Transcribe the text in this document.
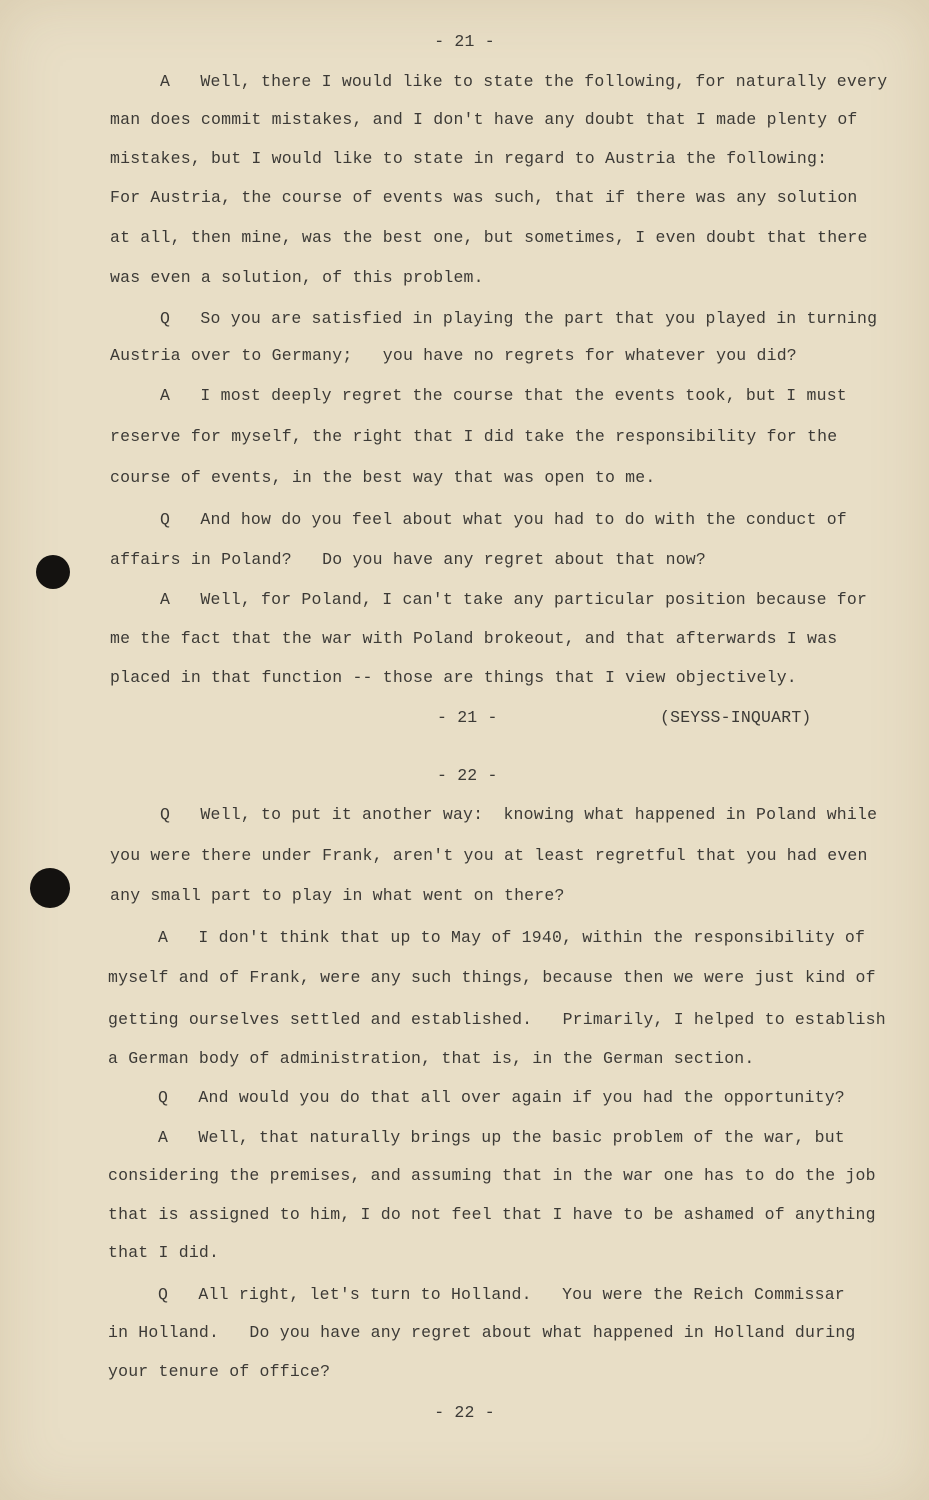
- 21 -
A   Well, there I would like to state the following, for naturally every
man does commit mistakes, and I don't have any doubt that I made plenty of
mistakes, but I would like to state in regard to Austria the following:
For Austria, the course of events was such, that if there was any solution
at all, then mine, was the best one, but sometimes, I even doubt that there
was even a solution, of this problem.
Q   So you are satisfied in playing the part that you played in turning
Austria over to Germany;   you have no regrets for whatever you did?
A   I most deeply regret the course that the events took, but I must
reserve for myself, the right that I did take the responsibility for the
course of events, in the best way that was open to me.
Q   And how do you feel about what you had to do with the conduct of
affairs in Poland?   Do you have any regret about that now?
A   Well, for Poland, I can't take any particular position because for
me the fact that the war with Poland brokeout, and that afterwards I was
placed in that function -- those are things that I view objectively.
- 21 -	(SEYSS-INQUART)
- 22 -
Q   Well, to put it another way:  knowing what happened in Poland while
you were there under Frank, aren't you at least regretful that you had even
any small part to play in what went on there?
A   I don't think that up to May of 1940, within the responsibility of
myself and of Frank, were any such things, because then we were just kind of
getting ourselves settled and established.   Primarily, I helped to establish
a German body of administration, that is, in the German section.
Q   And would you do that all over again if you had the opportunity?
A   Well, that naturally brings up the basic problem of the war, but
considering the premises, and assuming that in the war one has to do the job
that is assigned to him, I do not feel that I have to be ashamed of anything
that I did.
Q   All right, let's turn to Holland.   You were the Reich Commissar
in Holland.   Do you have any regret about what happened in Holland during
your tenure of office?
- 22 -
